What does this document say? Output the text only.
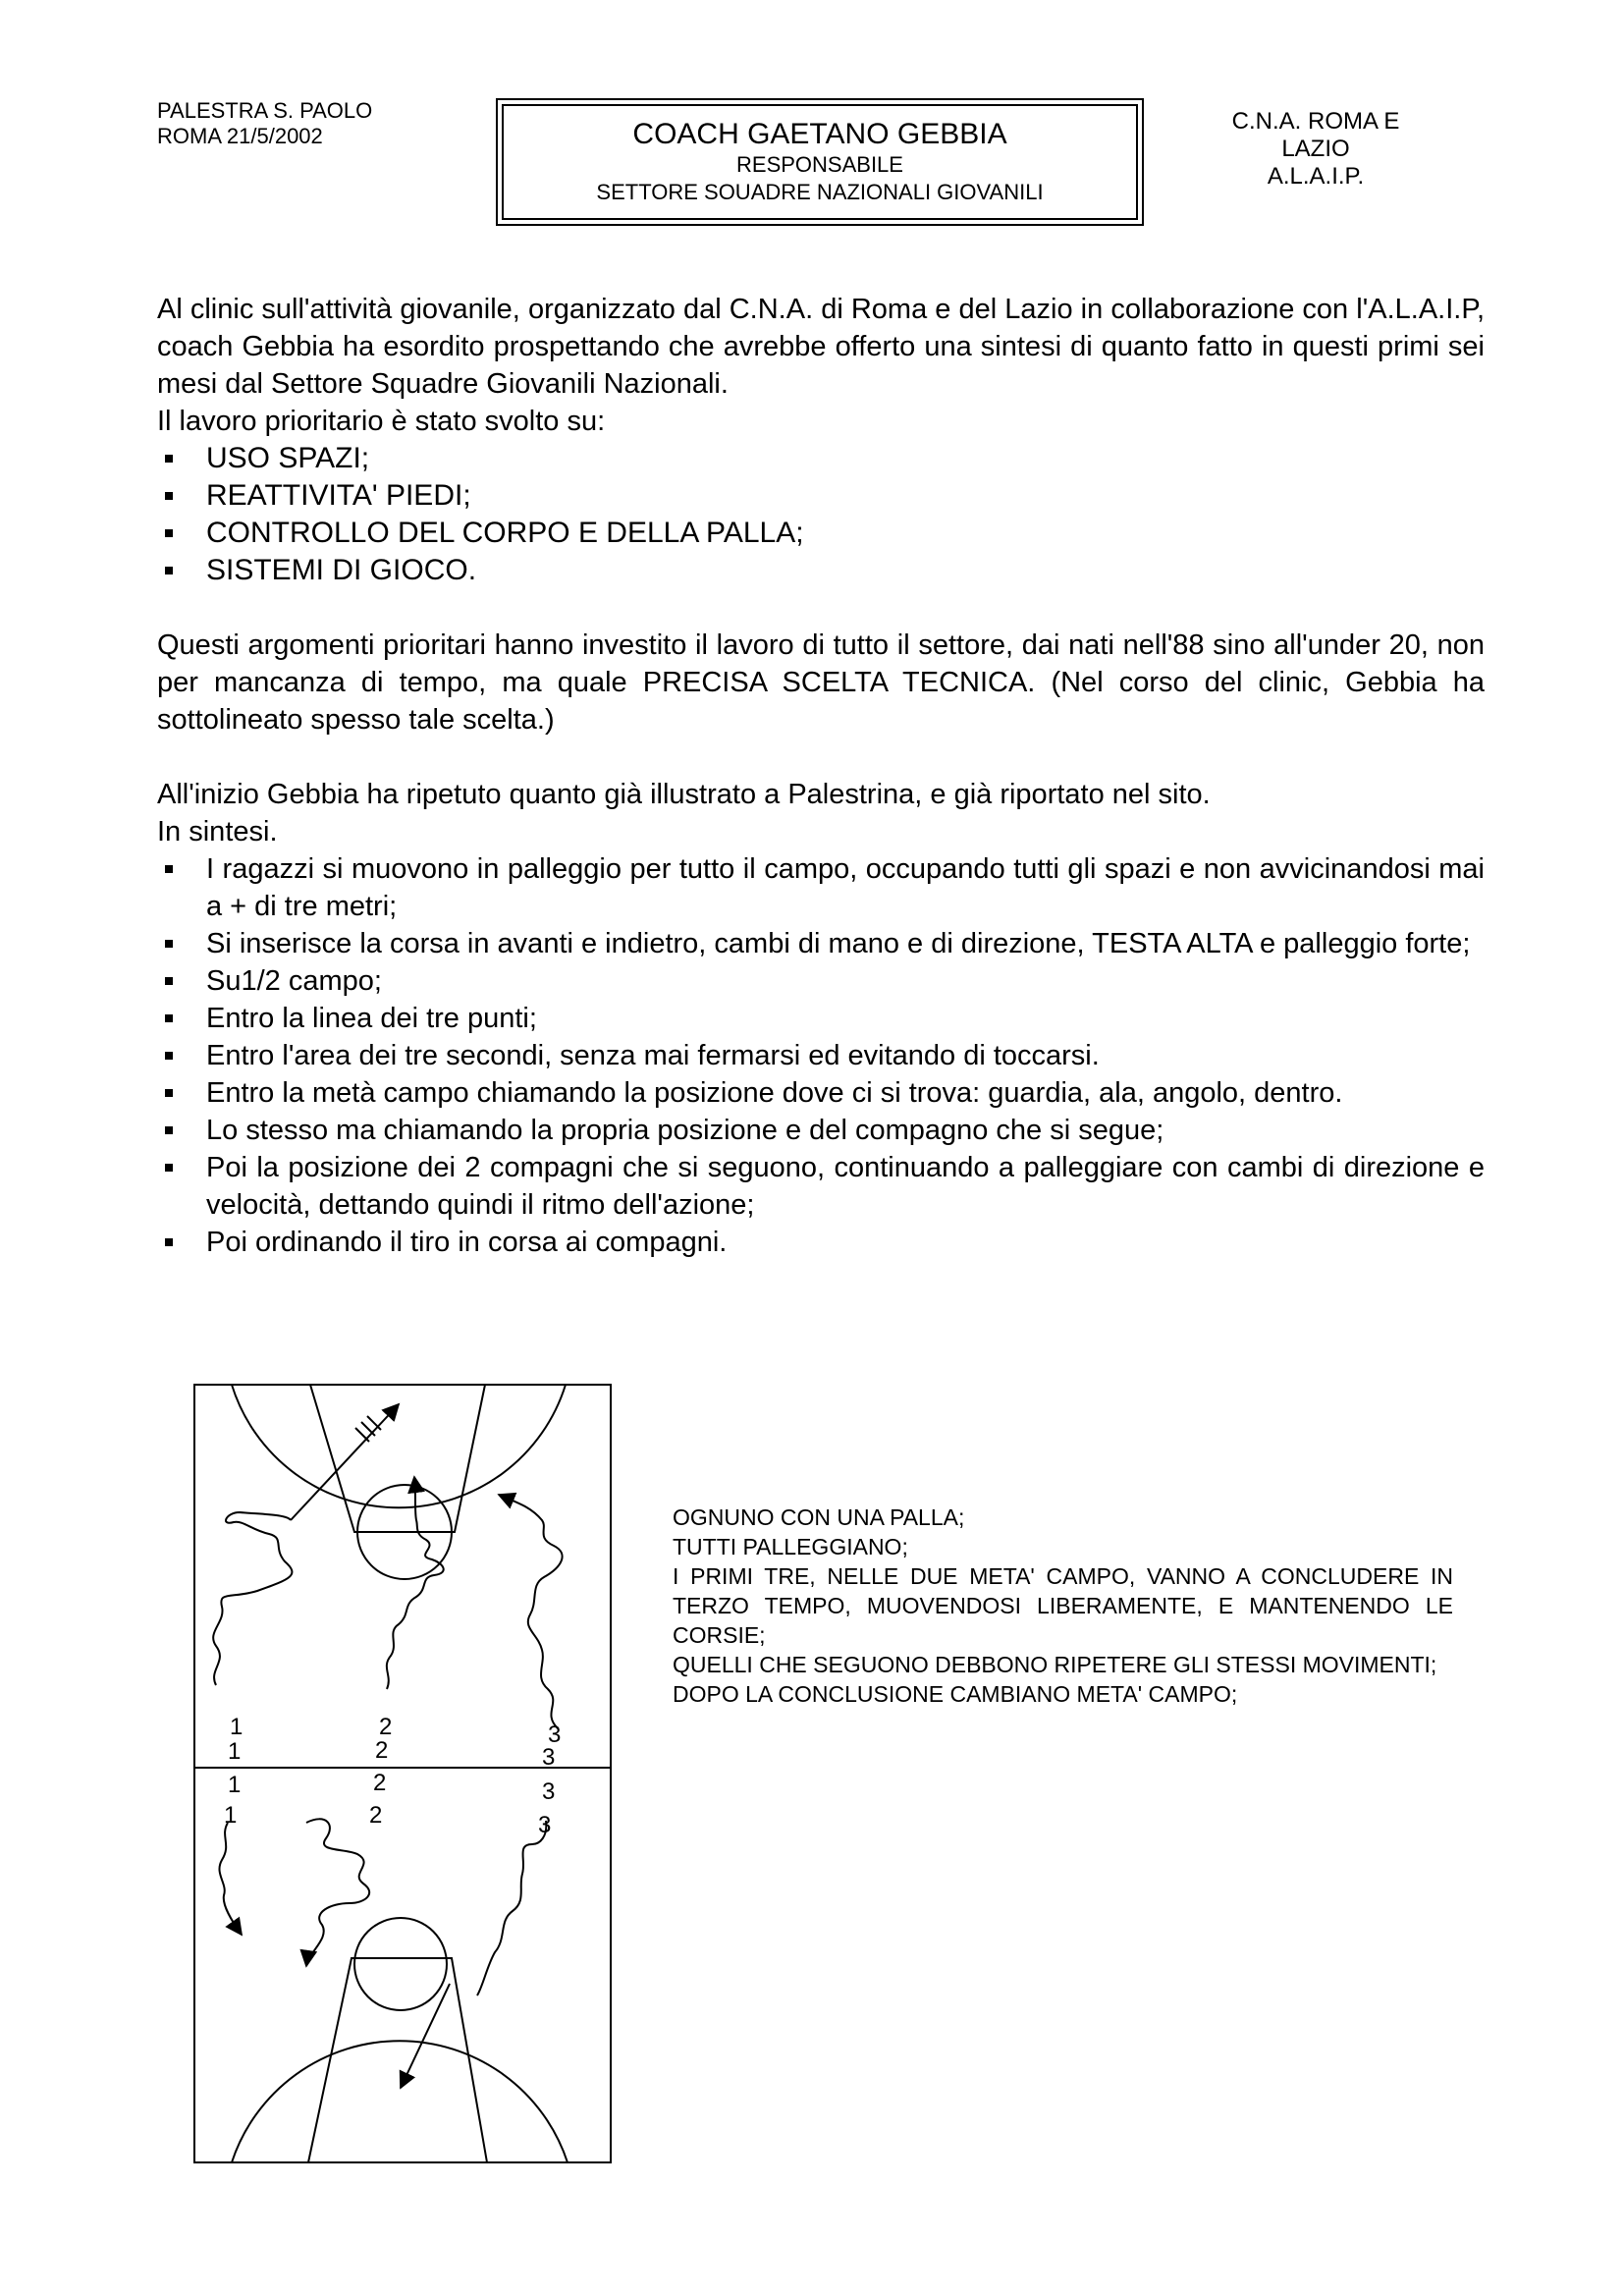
PALESTRA S. PAOLO
ROMA 21/5/2002	COACH GAETANO GEBBIA
RESPONSABILE
SETTORE SOUADRE NAZIONALI GIOVANILI
C.N.A. ROMA E
LAZIO
A.L.A.I.P.

Al clinic sull'attività giovanile, organizzato dal C.N.A. di Roma e del Lazio in collaborazione con l'A.L.A.I.P, coach Gebbia ha esordito prospettando che avrebbe offerto una sintesi di quanto fatto in questi primi sei mesi dal Settore Squadre Giovanili Nazionali.

Il lavoro prioritario è stato svolto su:

USO SPAZI;
REATTIVITA' PIEDI;
CONTROLLO DEL CORPO E DELLA PALLA;
SISTEMI DI GIOCO.

Questi argomenti prioritari hanno investito il lavoro di tutto il settore, dai nati nell'88 sino all'under 20, non per mancanza di tempo, ma quale PRECISA SCELTA TECNICA. (Nel corso del clinic, Gebbia ha sottolineato spesso tale scelta.)

All'inizio Gebbia ha ripetuto quanto già illustrato a Palestrina, e già riportato nel sito.

In sintesi.

I ragazzi si muovono in palleggio per tutto il campo, occupando tutti gli spazi e non avvicinandosi mai a + di tre metri;
Si inserisce la corsa in avanti e indietro, cambi di mano e di direzione, TESTA ALTA e palleggio forte;
Su1/2 campo;
Entro la linea dei tre punti;
Entro l'area dei tre secondi, senza mai fermarsi ed evitando di toccarsi.
Entro la metà campo chiamando la posizione dove ci si trova: guardia, ala, angolo, dentro.
Lo stesso ma chiamando la propria posizione e del compagno che si segue;
Poi la posizione dei 2 compagni che si seguono, continuando a palleggiare con cambi di direzione e velocità, dettando quindi il ritmo dell'azione;
Poi ordinando il tiro in corsa ai compagni.
1
1
1
1
2
2
2
2
3
3
3
3
OGNUNO CON UNA PALLA;
TUTTI PALLEGGIANO;
I PRIMI TRE, NELLE DUE META' CAMPO, VANNO A CONCLUDERE IN TERZO TEMPO, MUOVENDOSI LIBERAMENTE, E MANTENENDO LE CORSIE;
QUELLI CHE SEGUONO DEBBONO RIPETERE GLI STESSI MOVIMENTI;
DOPO LA CONCLUSIONE CAMBIANO META' CAMPO;
